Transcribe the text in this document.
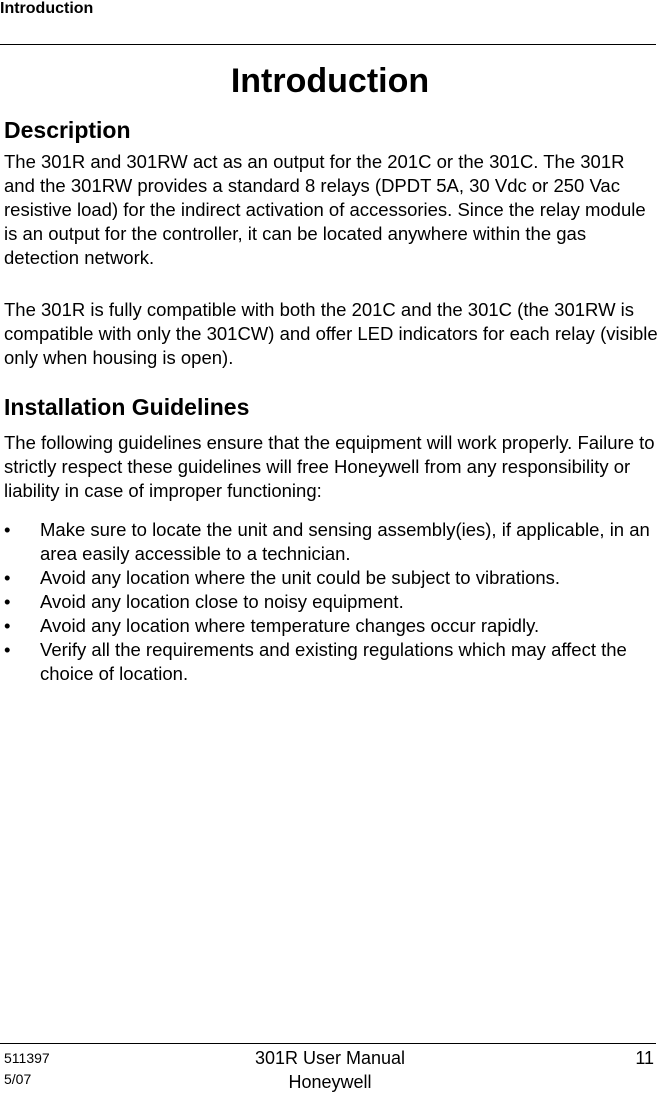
Introduction
Introduction
Description

The 301R and 301RW act as an output for the 201C or the 301C. The 301R and the 301RW provides a standard 8 relays (DPDT 5A, 30 Vdc or 250 Vac resistive load) for the indirect activation of accessories. Since the relay module is an output for the controller, it can be located anywhere within the gas detection network.

The 301R is fully compatible with both the 201C and the 301C (the 301RW is compatible with only the 301CW) and offer LED indicators for each relay (visible only when housing is open).

Installation Guidelines

The following guidelines ensure that the equipment will work properly. Failure to strictly respect these guidelines will free Honeywell from any responsibility or liability in case of improper functioning:

• Make sure to locate the unit and sensing assembly(ies), if applicable, in an area easily accessible to a technician.
• Avoid any location where the unit could be subject to vibrations.
• Avoid any location close to noisy equipment.
• Avoid any location where temperature changes occur rapidly.
• Verify all the requirements and existing regulations which may affect the choice of location.
511397
5/07
301R User Manual
Honeywell
11
